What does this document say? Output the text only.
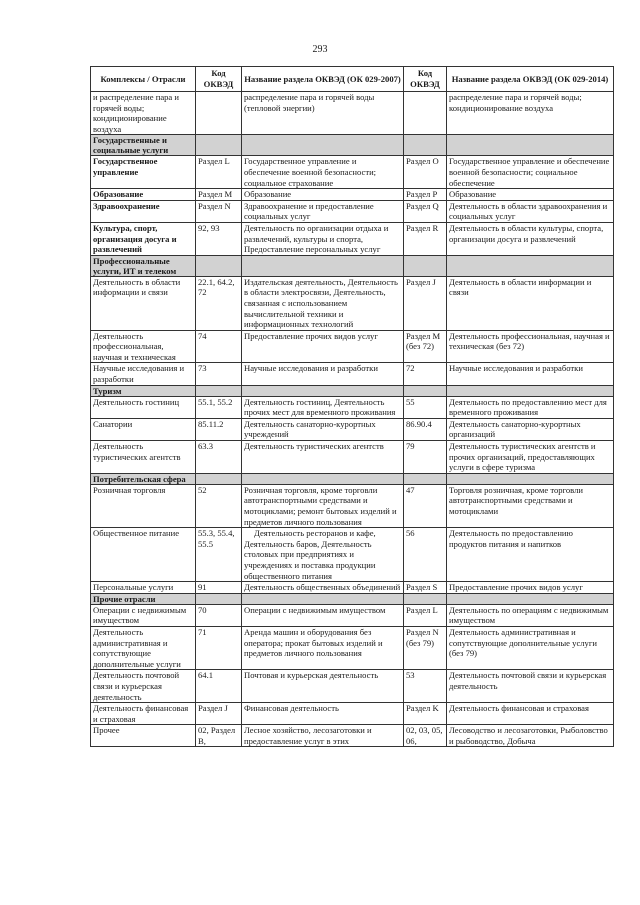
293
Комплексы / Отрасли	Код ОКВЭД	Название раздела ОКВЭД (ОК 029-2007)	Код ОКВЭД	Название раздела ОКВЭД (ОК 029-2014)
и распределение пара и горячей воды; кондиционирование воздуха		распределение пара и горячей воды (тепловой энергии)		распределение пара и горячей воды; кондиционирование воздуха
Государственные и социальные услуги				
Государственное управление	Раздел L	Государственное управление и обеспечение военной безопасности; социальное страхование	Раздел O	Государственное управление и обеспечение военной безопасности; социальное обеспечение
Образование	Раздел М	Образование	Раздел P	Образование
Здравоохранение	Раздел N	Здравоохранение и предоставление социальных услуг	Раздел Q	Деятельность в области здравоохранения и социальных услуг
Культура, спорт, организация досуга и развлечений	92, 93	Деятельность по организации отдыха и развлечений, культуры и спорта, Предоставление персональных услуг	Раздел R	Деятельность в области культуры, спорта, организации досуга и развлечений
Профессиональные услуги, ИТ и телеком				
Деятельность в области информации и связи	22.1, 64.2, 72	Издательская деятельность, Деятельность в области электросвязи, Деятельность, связанная с использованием вычислительной техники и информационных технологий	Раздел J	Деятельность в области информации и связи
Деятельность профессиональная, научная и техническая	74	Предоставление прочих видов услуг	Раздел М (без 72)	Деятельность профессиональная, научная и техническая (без 72)
Научные исследования и разработки	73	Научные исследования и разработки	72	Научные исследования и разработки
Туризм				
Деятельность гостиниц	55.1, 55.2	Деятельность гостиниц, Деятельность прочих мест для временного проживания	55	Деятельность по предоставлению мест для временного проживания
Санатории	85.11.2	Деятельность санаторно-курортных учреждений	86.90.4	Деятельность санаторно-курортных организаций
Деятельность туристических агентств	63.3	Деятельность туристических агентств	79	Деятельность туристических агентств и прочих организаций, предоставляющих услуги в сфере туризма
Потребительская сфера				
Розничная торговля	52	Розничная торговля, кроме торговли автотранспортными средствами и мотоциклами; ремонт бытовых изделий и предметов личного пользования	47	Торговля розничная, кроме торговли автотранспортными средствами и мотоциклами
Общественное питание	55.3, 55.4, 55.5	Деятельность ресторанов и кафе, Деятельность баров, Деятельность столовых при предприятиях и учреждениях и поставка продукции общественного питания	56	Деятельность по предоставлению продуктов питания и напитков
Персональные услуги	91	Деятельность общественных объединений	Раздел S	Предоставление прочих видов услуг
Прочие отрасли				
Операции с недвижимым имуществом	70	Операции с недвижимым имуществом	Раздел L	Деятельность по операциям с недвижимым имуществом
Деятельность административная и сопутствующие дополнительные услуги	71	Аренда машин и оборудования без оператора; прокат бытовых изделий и предметов личного пользования	Раздел N (без 79)	Деятельность административная и сопутствующие дополнительные услуги (без 79)
Деятельность почтовой связи и курьерская деятельность	64.1	Почтовая и курьерская деятельность	53	Деятельность почтовой связи и курьерская деятельность
Деятельность финансовая и страховая	Раздел J	Финансовая деятельность	Раздел K	Деятельность финансовая и страховая
Прочее	02, Раздел B,	Лесное хозяйство, лесозаготовки и предоставление услуг в этих	02, 03, 05, 06,	Лесоводство и лесозаготовки, Рыболовство и рыбоводство, Добыча
